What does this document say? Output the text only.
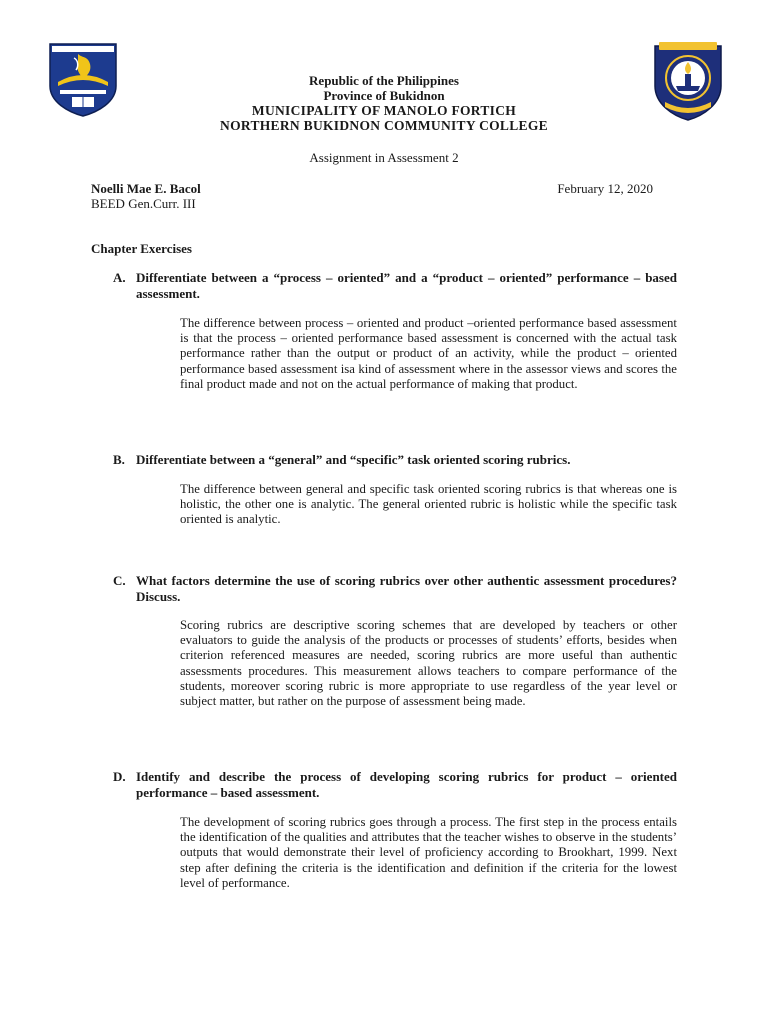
Republic of the Philippines
Province of Bukidnon
MUNICIPALITY OF MANOLO FORTICH
NORTHERN BUKIDNON COMMUNITY COLLEGE
Assignment in Assessment 2
Noelli Mae E. Bacol
BEED Gen.Curr. III
February 12, 2020
Chapter Exercises
A. Differentiate between a “process – oriented” and a “product – oriented” performance – based assessment.
The difference between process – oriented and product –oriented performance based assessment is that the process – oriented performance based assessment is concerned with the actual task performance rather than the output or product of an activity, while the product – oriented performance based assessment isa kind of assessment where in the assessor views and scores the final product made and not on the actual performance of making that product.
B. Differentiate between a “general” and “specific” task oriented scoring rubrics.
The difference between general and specific task oriented scoring rubrics is that whereas one is holistic, the other one is analytic. The general oriented rubric is holistic while the specific task oriented is analytic.
C. What factors determine the use of scoring rubrics over other authentic assessment procedures? Discuss.
Scoring rubrics are descriptive scoring schemes that are developed by teachers or other evaluators to guide the analysis of the products or processes of students’ efforts, besides when criterion referenced measures are needed, scoring rubrics are more useful than authentic assessments procedures. This measurement allows teachers to compare performance of the students, moreover scoring rubric is more appropriate to use regardless of the year level or subject matter, but rather on the purpose of assessment being made.
D. Identify and describe the process of developing scoring rubrics for product – oriented performance – based assessment.
The development of scoring rubrics goes through a process. The first step in the process entails the identification of the qualities and attributes that the teacher wishes to observe in the students’ outputs that would demonstrate their level of proficiency according to Brookhart, 1999. Next step after defining the criteria is the identification and definition if the criteria for the lowest level of performance.
